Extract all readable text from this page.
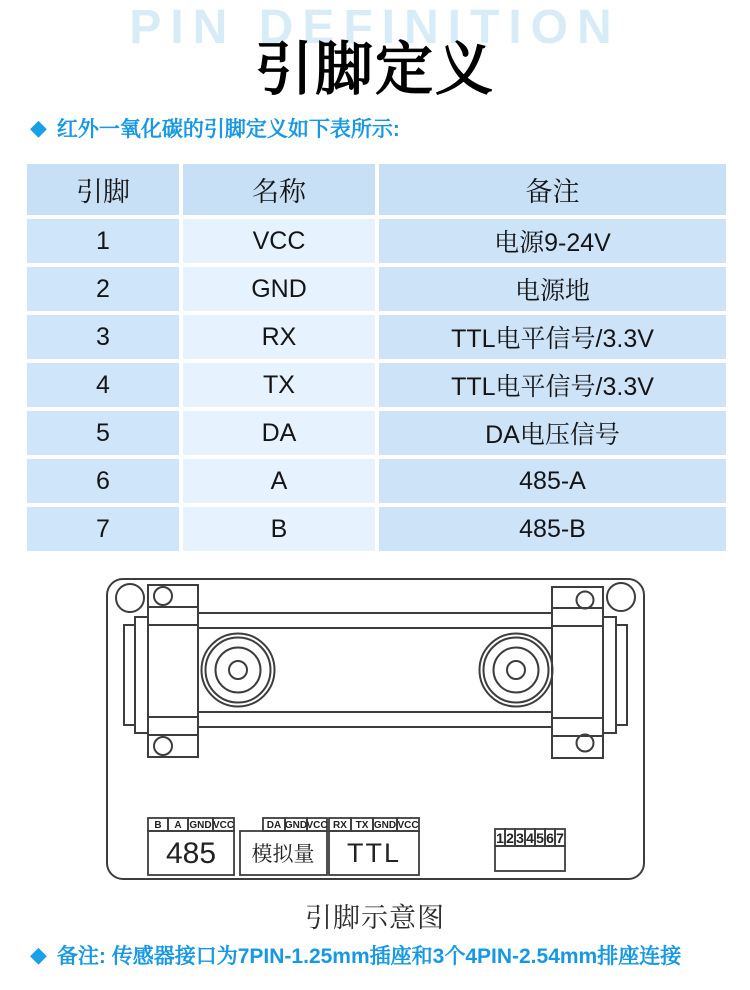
PIN DEFINITION
引脚定义
◆ 红外一氧化碳的引脚定义如下表所示:
引脚	名称	备注
1	VCC	电源9-24V
2	GND	电源地
3	RX	TTL电平信号/3.3V
4	TX	TTL电平信号/3.3V
5	DA	DA电压信号
6	A	485-A
7	B	485-B
B A GND VCC	DA GND VCC RX TX GND VCC
485 模拟量 TTL	1 2 3 4 5 6 7
引脚示意图
◆ 备注: 传感器接口为7PIN-1.25mm插座和3个4PIN-2.54mm排座连接
